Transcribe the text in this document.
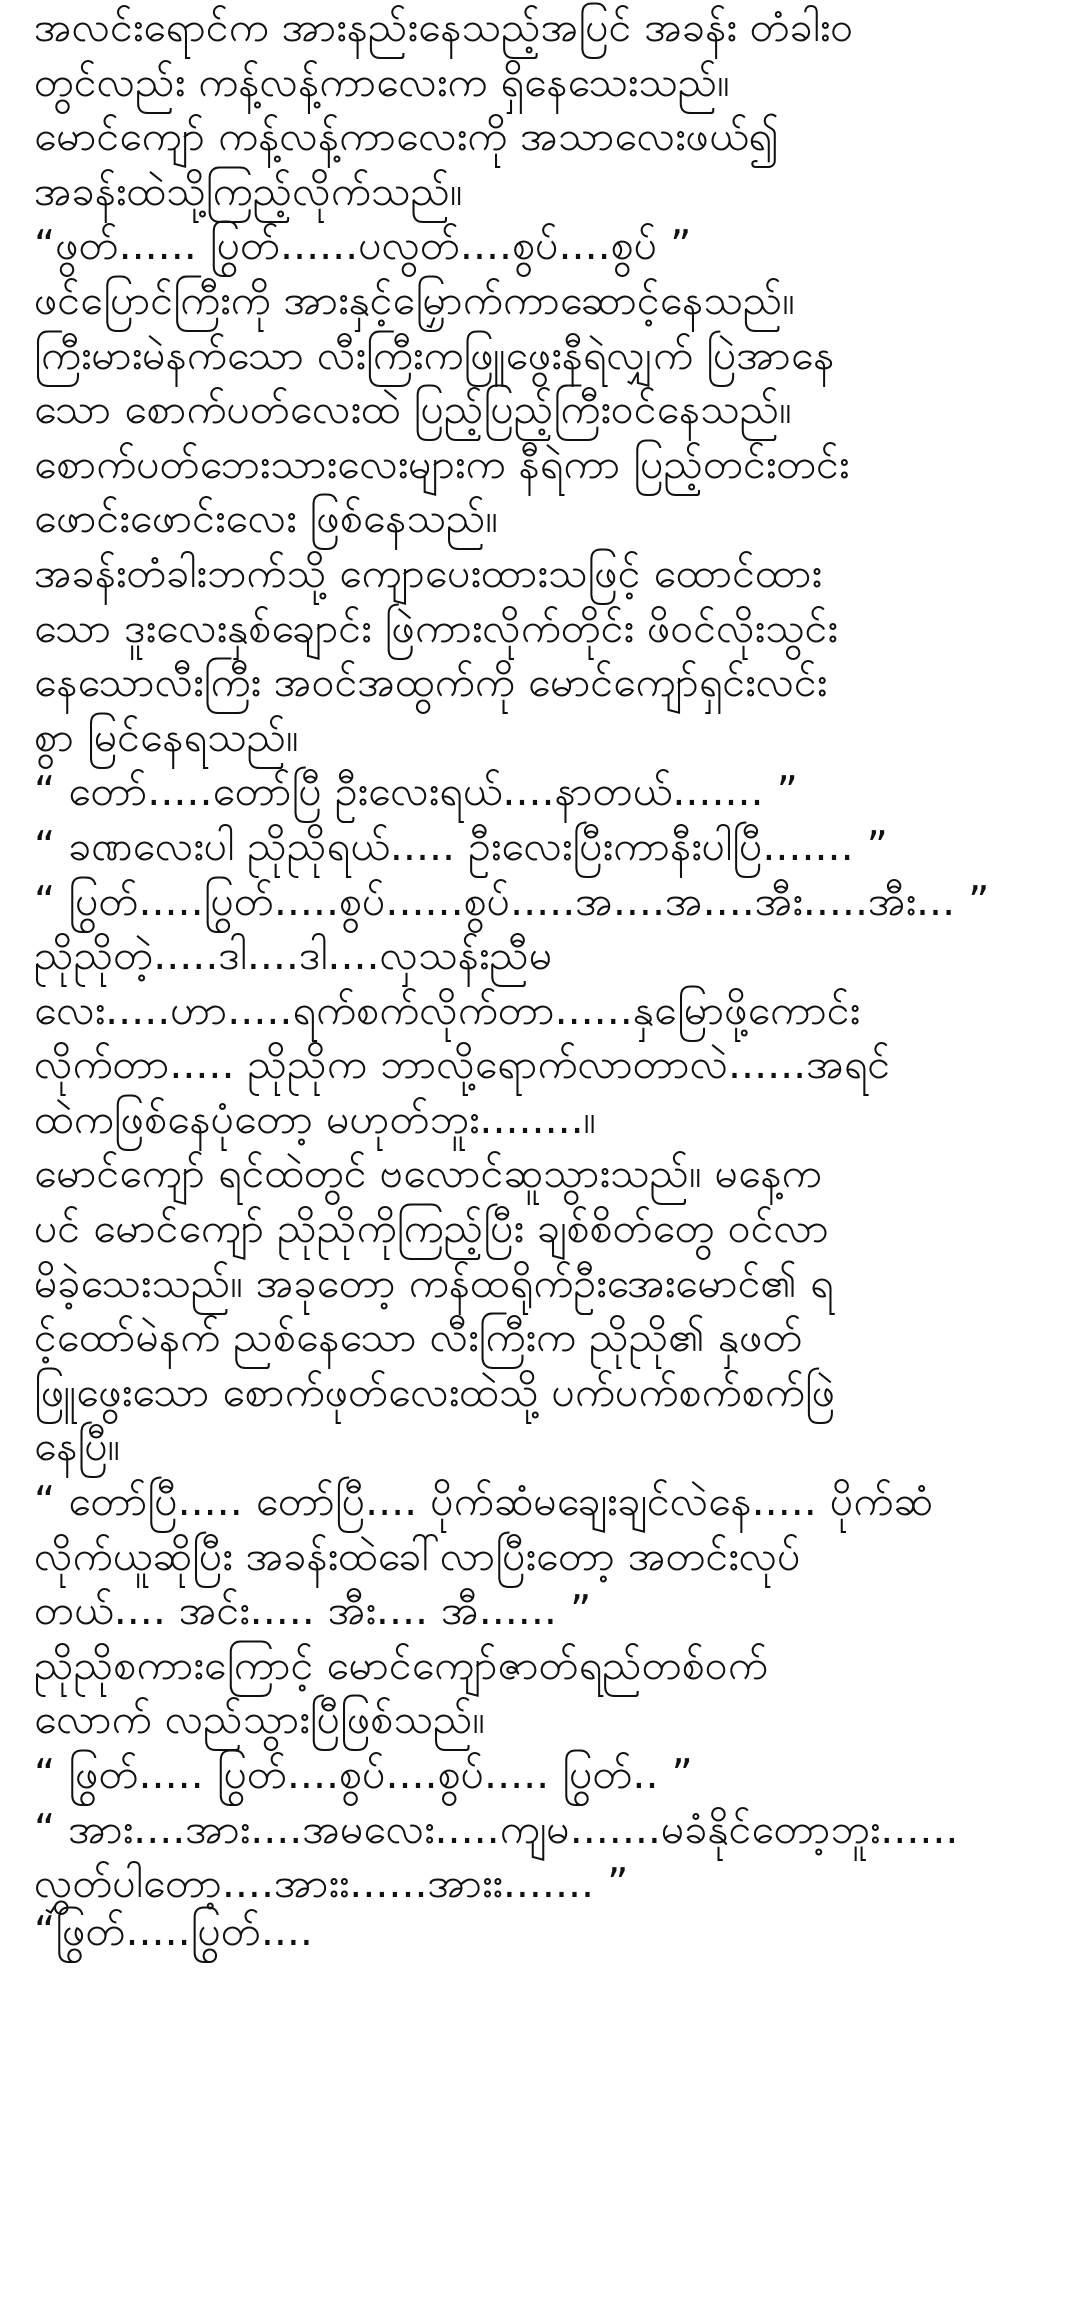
အလင်းရောင်က အားနည်းနေသည့်အပြင် အခန်း တံခါးဝ
တွင်လည်း ကန့်လန့်ကာလေးက ရှိနေသေးသည်။
မောင်ကျော် ကန့်လန့်ကာလေးကို အသာလေးဖယ်၍
အခန်းထဲသို့ကြည့်လိုက်သည်။
“ဖွတ်...... ပြွတ်......ပလွတ်....စွပ်....စွပ် ”
ဖင်ပြောင်ကြီးကို အားနှင့်မြှောက်ကာဆောင့်နေသည်။
ကြီးမားမဲနက်သော လီးကြီးကဖြူဖွေးနီရဲလျှက် ပြဲအာနေ
သော စောက်ပတ်လေးထဲ ပြည့်ပြည့်ကြီးဝင်နေသည်။
စောက်ပတ်ဘေးသားလေးများက နီရဲကာ ပြည့်တင်းတင်း
ဖောင်းဖောင်းလေး ဖြစ်နေသည်။
အခန်းတံခါးဘက်သို့ ကျောပေးထားသဖြင့် ထောင်ထား
သော ဒူးလေးနှစ်ချောင်း ဖြဲကားလိုက်တိုင်း ဖိဝင်လိုးသွင်း
နေသောလီးကြီး အဝင်အထွက်ကို မောင်ကျော်ရှင်းလင်း
စွာ မြင်နေရသည်။
“ တော်.....တော်ပြီ ဦးလေးရယ်....နာတယ်....... ”
“ ခဏလေးပါ ညိုညိုရယ်..... ဦးလေးပြီးကာနီးပါပြီ....... ”
“ ပြွတ်.....ပြွတ်.....စွပ်......စွပ်.....အ....အ....အီး.....အီး... ”
ညိုညိုတဲ့.....ဒါ....ဒါ....လှသန်းညီမ
လေး.....ဟာ.....ရက်စက်လိုက်တာ......နှမြောဖို့ကောင်း
လိုက်တာ..... ညိုညိုက ဘာလို့ရောက်လာတာလဲ......အရင်
ထဲကဖြစ်နေပုံတော့ မဟုတ်ဘူး........။
မောင်ကျော် ရင်ထဲတွင် ဗလောင်ဆူသွားသည်။ မနေ့က
ပင် မောင်ကျော် ညိုညိုကိုကြည့်ပြီး ချစ်စိတ်တွေ ဝင်လာ
မိခဲ့သေးသည်။ အခုတော့ ကန်ထရိုက်ဦးအေးမောင်၏ ရ
င့်ထော်မဲနက် ညစ်နေသော လီးကြီးက ညိုညို၏ နှဖတ်
ဖြူဖွေးသော စောက်ဖုတ်လေးထဲသို့ ပက်ပက်စက်စက်ဖြဲ
နေပြီ။
“ တော်ပြီ..... တော်ပြီ.... ပိုက်ဆံမချေးချင်လဲနေ..... ပိုက်ဆံ
လိုက်ယူဆိုပြီး အခန်းထဲခေါ်လာပြီးတော့ အတင်းလုပ်
တယ်.... အင်း..... အီး.... အီ...... ”
ညိုညိုစကားကြောင့် မောင်ကျော်ဇာတ်ရည်တစ်ဝက်
လောက် လည်သွားပြီဖြစ်သည်။
“ ဖြွတ်..... ပြွတ်....စွပ်....စွပ်..... ပြွတ်.. ”
“ အား....အား....အမလေး.....ကျမ.......မခံနိုင်တော့ဘူး......
လွှတ်ပါတော့....အားး......အားး....... ”
“ဖြွတ်.....ပြွတ်....
